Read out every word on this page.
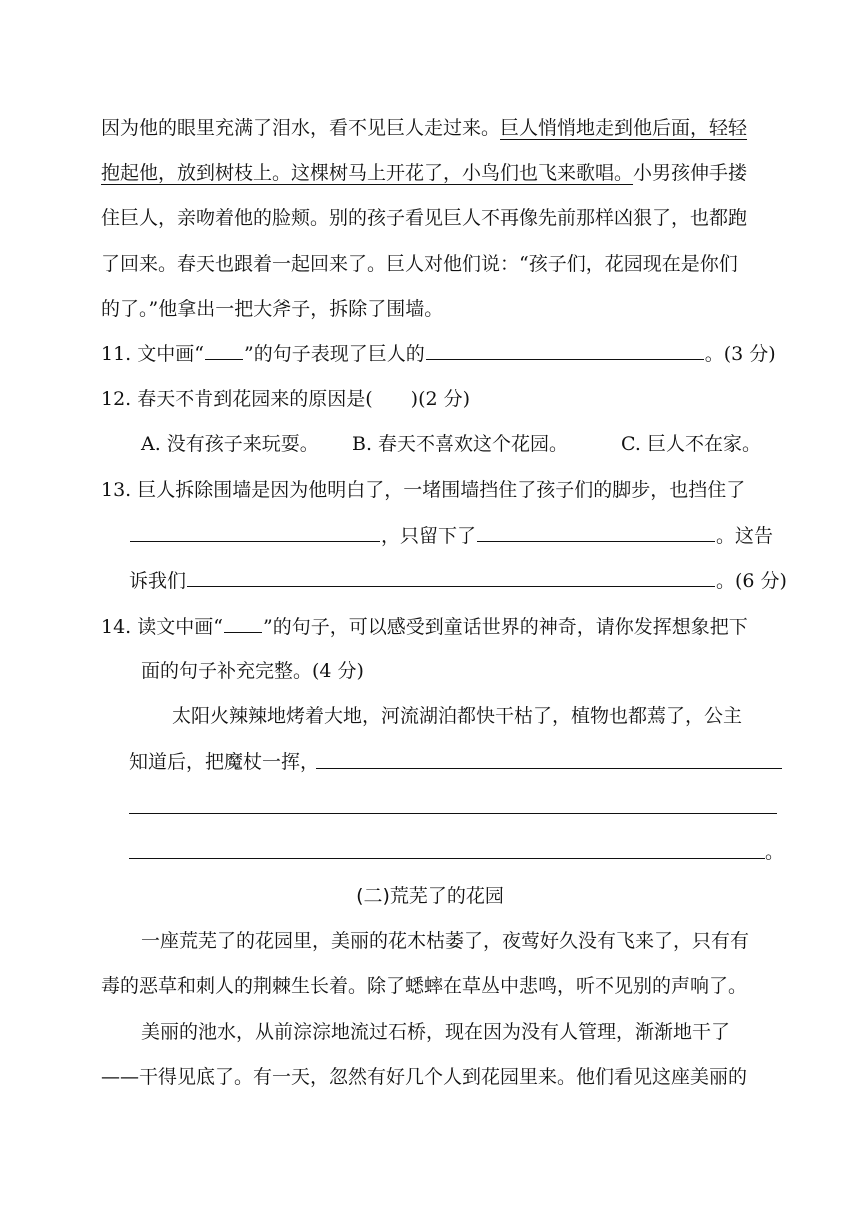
因为他的眼里充满了泪水，看不见巨人走过来。巨人悄悄地走到他后面，轻轻
抱起他，放到树枝上。这棵树马上开花了，小鸟们也飞来歌唱。小男孩伸手搂
住巨人，亲吻着他的脸颊。别的孩子看见巨人不再像先前那样凶狠了，也都跑
了回来。春天也跟着一起回来了。巨人对他们说：“孩子们，花园现在是你们
的了。”他拿出一把大斧子，拆除了围墙。
11. 文中画“ ”的句子表现了巨人的	。(3 分)
12. 春天不肯到花园来的原因是(　　)(2 分)
A. 没有孩子来玩耍。 B. 春天不喜欢这个花园。	C. 巨人不在家。
13. 巨人拆除围墙是因为他明白了，一堵围墙挡住了孩子们的脚步，也挡住了
，只留下了	。这告
诉我们	。(6 分)
14. 读文中画“ ”的句子，可以感受到童话世界的神奇，请你发挥想象把下
面的句子补充完整。(4 分)
太阳火辣辣地烤着大地，河流湖泊都快干枯了，植物也都蔫了，公主
知道后，把魔杖一挥，
。
(二)荒芜了的花园
一座荒芜了的花园里，美丽的花木枯萎了，夜莺好久没有飞来了，只有有
毒的恶草和刺人的荆棘生长着。除了蟋蟀在草丛中悲鸣，听不见别的声响了。
美丽的池水，从前淙淙地流过石桥，现在因为没有人管理，渐渐地干了
——干得见底了。有一天，忽然有好几个人到花园里来。他们看见这座美丽的
